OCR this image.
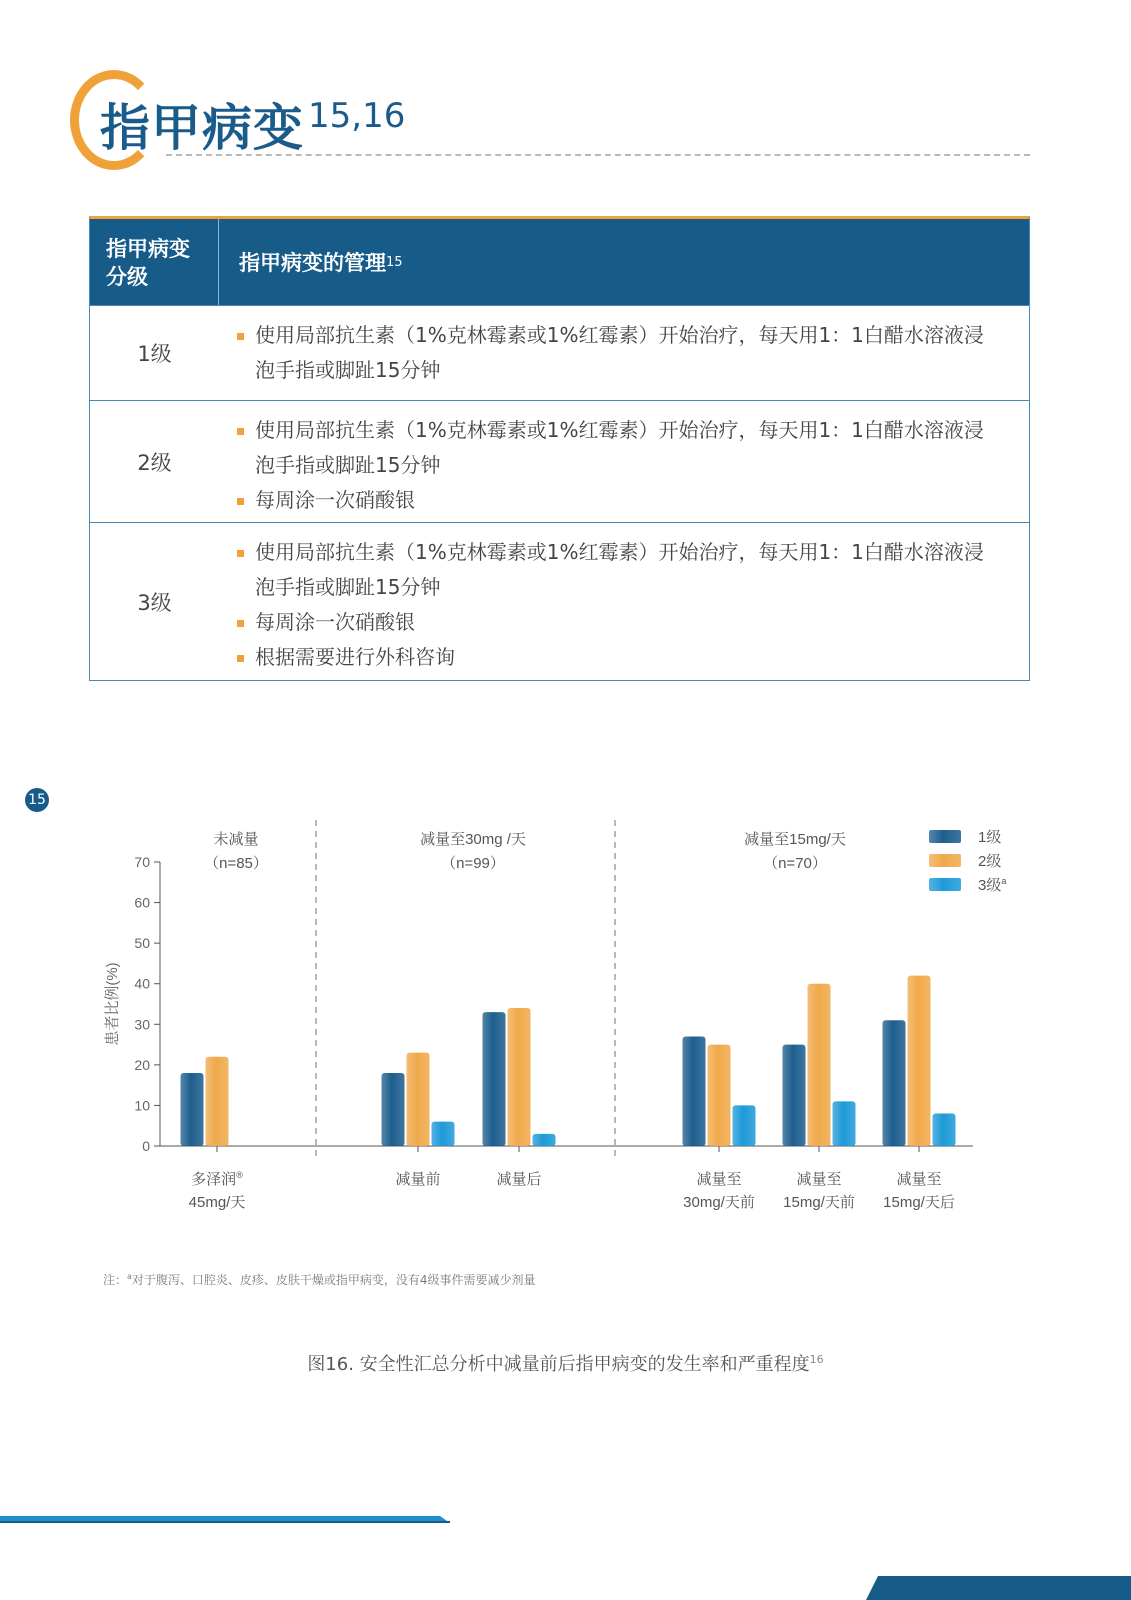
指甲病变 $^{15,16}$
指甲病变
分级
指甲病变的管理 15
1级
使用局部抗生素（1%克林霉素或1%红霉素）开始治疗，每天用1：1白醋水溶液浸泡手指或脚趾15分钟
2级
使用局部抗生素（1%克林霉素或1%红霉素）开始治疗，每天用1：1白醋水溶液浸泡手指或脚趾15分钟
每周涂一次硝酸银
3级
使用局部抗生素（1%克林霉素或1%红霉素）开始治疗，每天用1：1白醋水溶液浸泡手指或脚趾15分钟
每周涂一次硝酸银
根据需要进行外科咨询
15
0
10
20
30
40
50
60
70
患者比例(%)
未减量
（n=85）
减量至30mg /天
（n=99）
减量至15mg/天
（n=70）
多泽润®
45mg/天
减量前	减量后	减量至
30mg/天前
减量至
15mg/天前
减量至
15mg/天后
1级
2级
3级$^a$
注：$^a$对于腹泻、口腔炎、皮疹、皮肤干燥或指甲病变，没有4级事件需要减少剂量
图16. 安全性汇总分析中减量前后指甲病变的发生率和严重程度$^{16}$
